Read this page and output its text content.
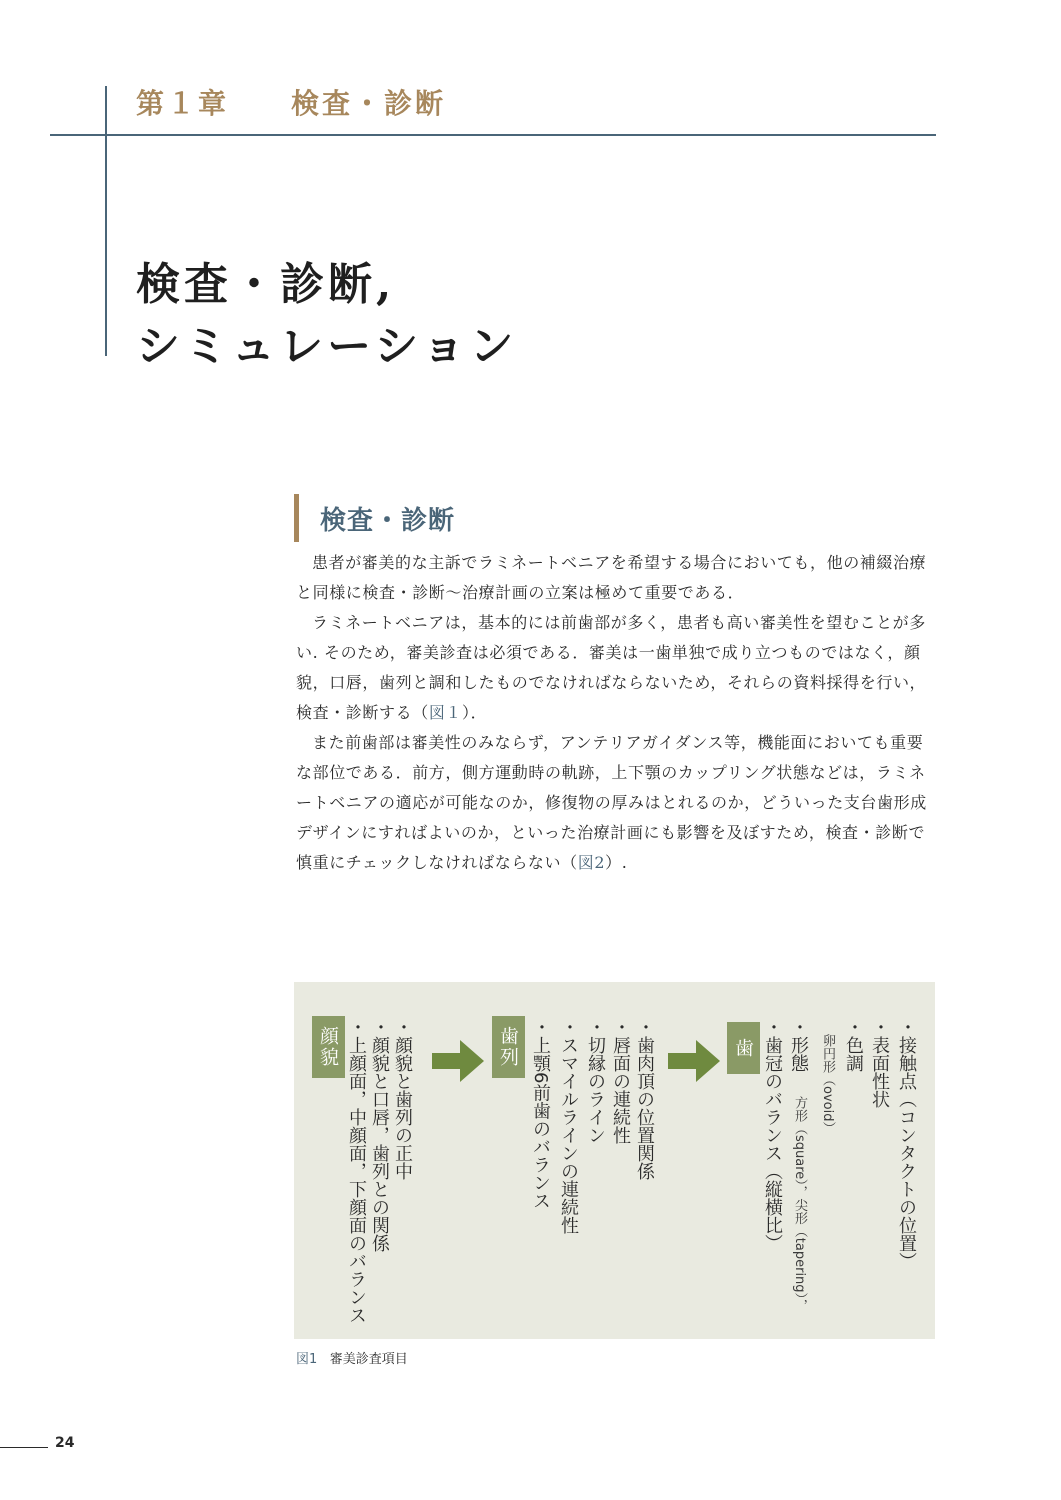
第１章　　検査・診断
検査・診断,
シミュレーション
検査・診断

患者が審美的な主訴でラミネートベニアを希望する場合においても，他の補綴治療と同様に検査・診断～治療計画の立案は極めて重要である．

ラミネートベニアは，基本的には前歯部が多く，患者も高い審美性を望むことが多い. そのため，審美診査は必須である．審美は一歯単独で成り立つものではなく，顔貌，口唇，歯列と調和したものでなければならないため，それらの資料採得を行い，検査・診断する（図１）．

また前歯部は審美性のみならず，アンテリアガイダンス等，機能面においても重要な部位である．前方，側方運動時の軌跡，上下顎のカップリング状態などは，ラミネートベニアの適応が可能なのか，修復物の厚みはとれるのか，どういった支台歯形成デザインにすればよいのか，といった治療計画にも影響を及ぼすため，検査・診断で慎重にチェックしなければならない（図2）.

顔貌	・顔貌と歯列の正中
・顔貌と口唇，歯列との関係
・上顔面，中顔面，下顔面のバランス	歯列	・歯肉頂の位置関係
・唇面の連続性
・切縁のライン
・スマイルラインの連続性
・上顎6前歯のバランス	歯	・接触点（コンタクトの位置）
・表面性状
・色調
卵円形（ovoid）
・形態
方形（square），尖形（tapering），
・歯冠のバランス（縦横比）
図1 審美診査項目
24
